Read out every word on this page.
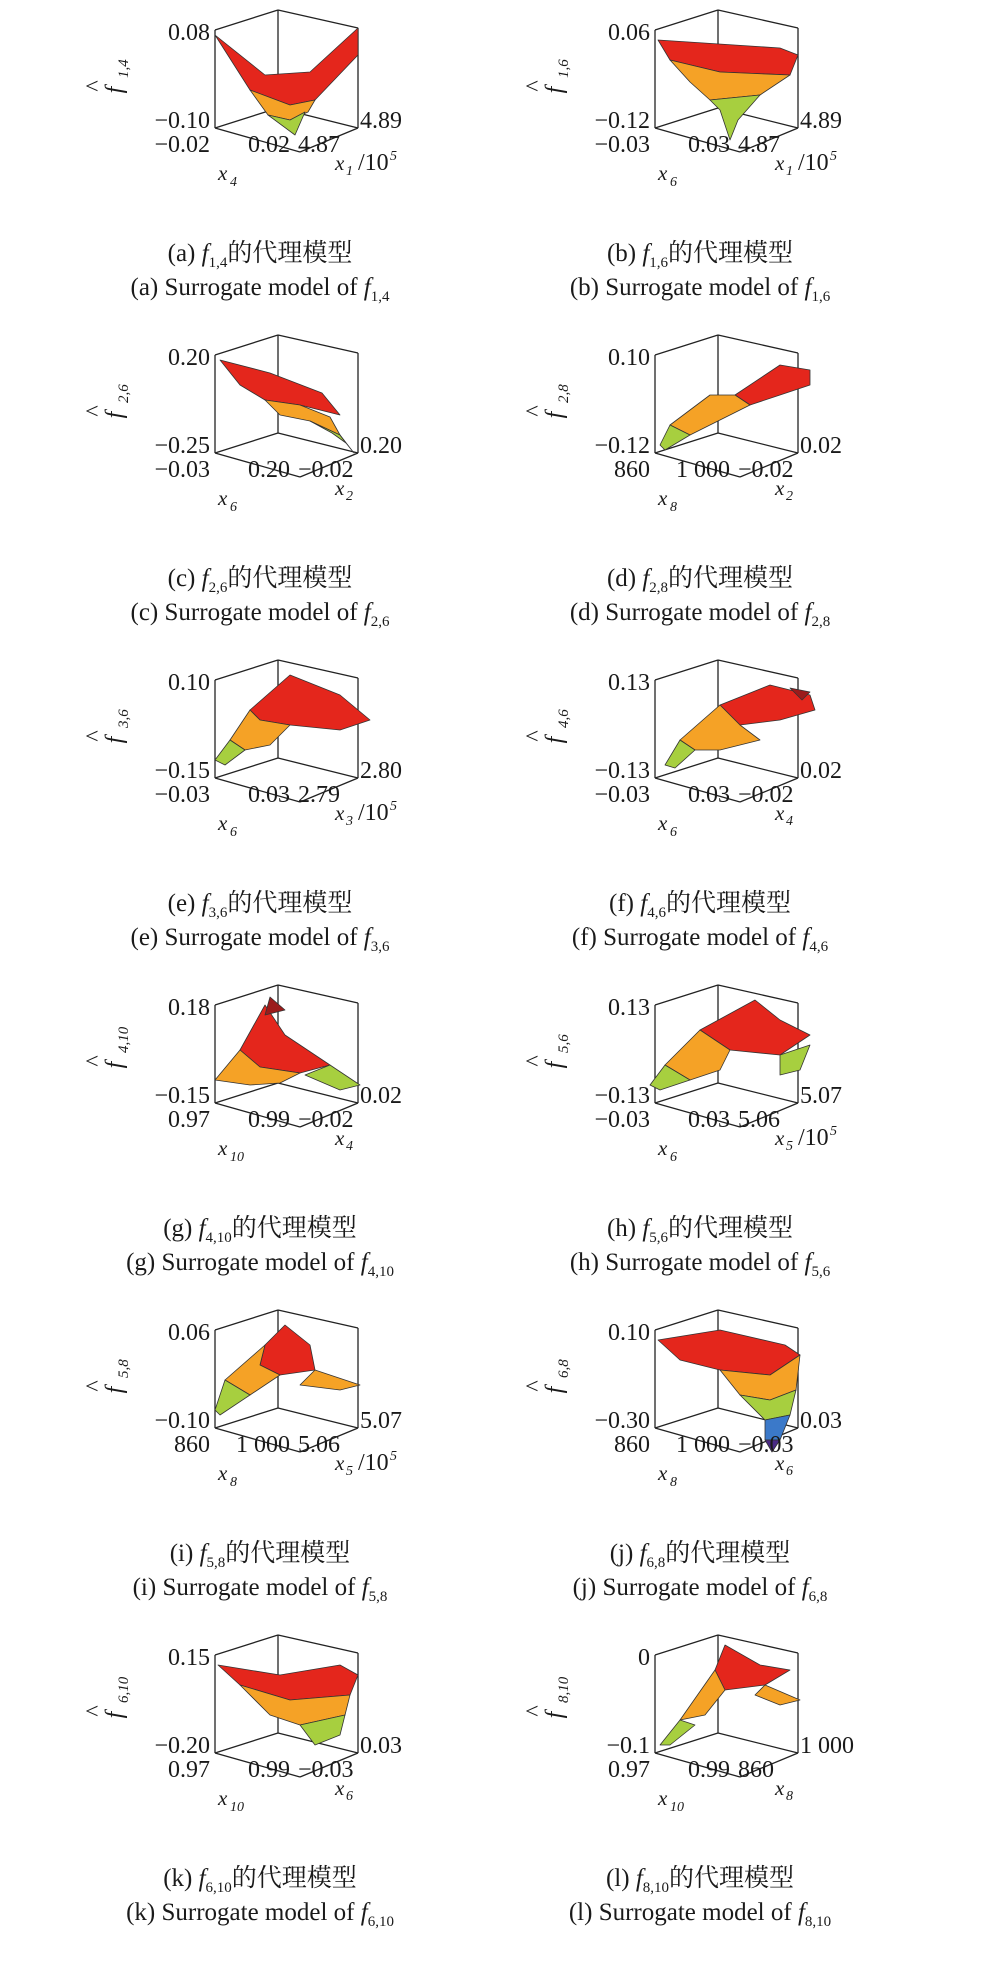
0.08
−0.10
^
f
1,4
−0.02 0.02
x 4
4.87
4.89
x 1 /10 5
(a) $f_{1,4}$的代理模型
(a) Surrogate model of $f_{1,4}$
0.06
−0.12
^
f
1,6
−0.03 0.03
x 6
4.87
4.89
x 1 /10 5
(b) $f_{1,6}$的代理模型
(b) Surrogate model of $f_{1,6}$
0.20
−0.25
^
f
2,6
−0.03 0.20
x 6
−0.02
0.20
x 2
(c) $f_{2,6}$的代理模型
(c) Surrogate model of $f_{2,6}$
0.10
−0.12
^
f
2,8
860 1 000
x 8
−0.02
0.02
x 2
(d) $f_{2,8}$的代理模型
(d) Surrogate model of $f_{2,8}$
0.10
−0.15
^
f
3,6
−0.03 0.03
x 6
2.79
2.80
x 3 /10 5
(e) $f_{3,6}$的代理模型
(e) Surrogate model of $f_{3,6}$
0.13
−0.13
^
f
4,6
−0.03 0.03
x 6
−0.02
0.02
x 4
(f) $f_{4,6}$的代理模型
(f) Surrogate model of $f_{4,6}$
0.18
−0.15
^
f
4,10
0.97 0.99
x 10
−0.02
0.02
x 4
(g) $f_{4,10}$的代理模型
(g) Surrogate model of $f_{4,10}$
0.13
−0.13
^
f
5,6
−0.03 0.03
x 6
5.06
5.07
x 5 /10 5
(h) $f_{5,6}$的代理模型
(h) Surrogate model of $f_{5,6}$
0.06
−0.10
^
f
5,8
860 1 000
x 8
5.06
5.07
x 5 /10 5
(i) $f_{5,8}$的代理模型
(i) Surrogate model of $f_{5,8}$
0.10
−0.30
^
f
6,8
860 1 000
x 8
−0.03
0.03
x 6
(j) $f_{6,8}$的代理模型
(j) Surrogate model of $f_{6,8}$
0.15
−0.20
^
f
6,10
0.97 0.99
x 10
−0.03
0.03
x 6
(k) $f_{6,10}$的代理模型
(k) Surrogate model of $f_{6,10}$
0
−0.1
^
f
8,10
0.97 0.99
x 10
860
1 000
x 8
(l) $f_{8,10}$的代理模型
(l) Surrogate model of $f_{8,10}$
